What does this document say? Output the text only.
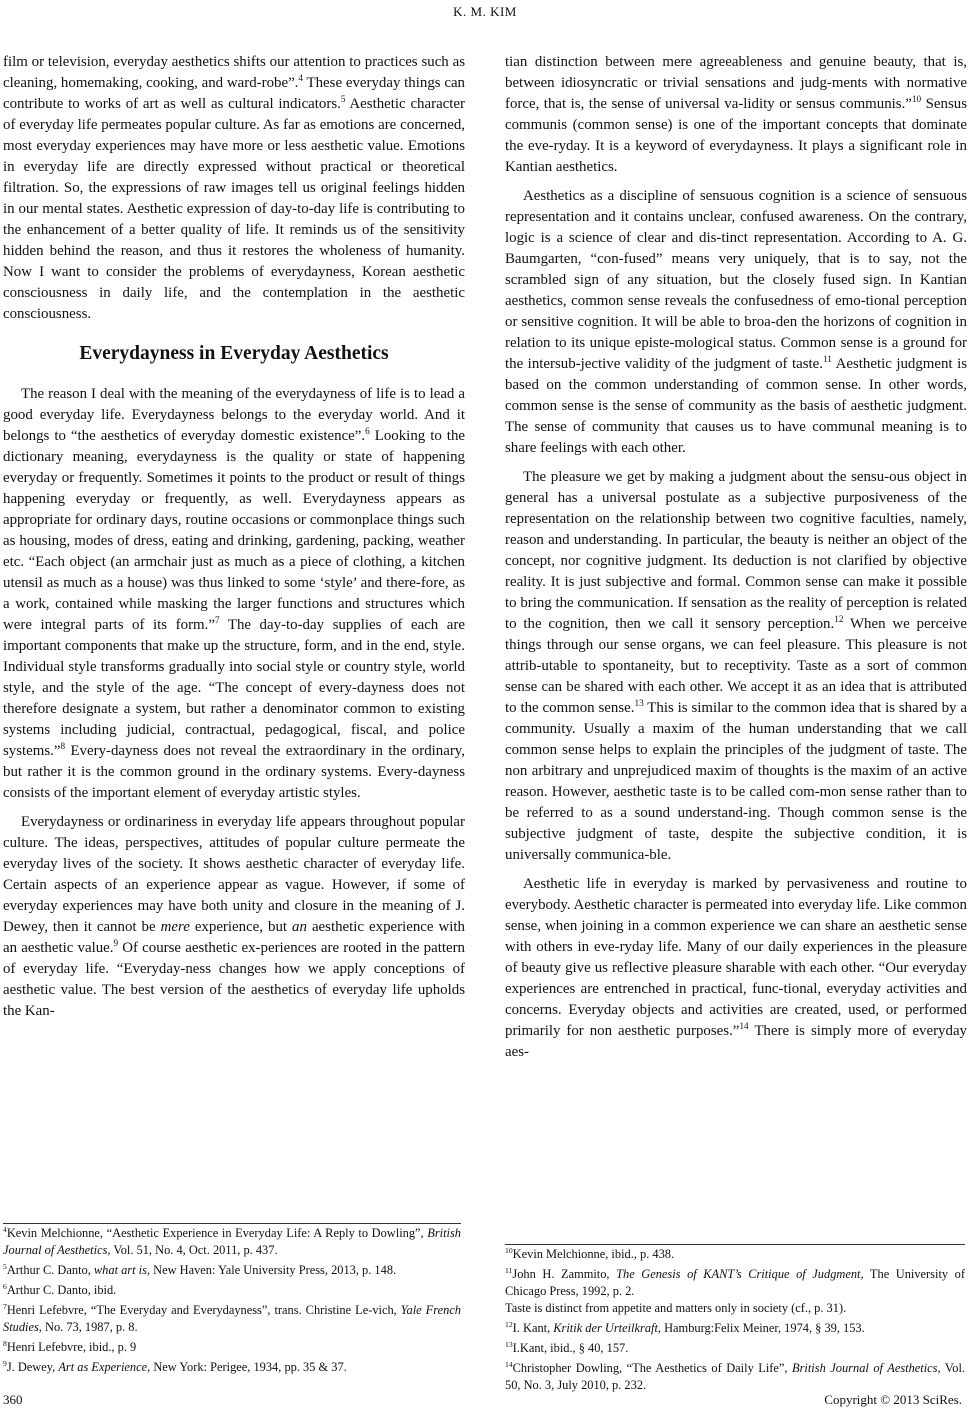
K. M. KIM

film or television, everyday aesthetics shifts our attention to practices such as cleaning, homemaking, cooking, and ward-robe”.$^4$ These everyday things can contribute to works of art as well as cultural indicators.$^5$ Aesthetic character of everyday life permeates popular culture. As far as emotions are concerned, most everyday experiences may have more or less aesthetic value. Emotions in everyday life are directly expressed without practical or theoretical filtration. So, the expressions of raw images tell us original feelings hidden in our mental states. Aesthetic expression of day-to-day life is contributing to the enhancement of a better quality of life. It reminds us of the sensitivity hidden behind the reason, and thus it restores the wholeness of humanity. Now I want to consider the problems of everydayness, Korean aesthetic consciousness in daily life, and the contemplation in the aesthetic consciousness.

Everydayness in Everyday Aesthetics

The reason I deal with the meaning of the everydayness of life is to lead a good everyday life. Everydayness belongs to the everyday world. And it belongs to “the aesthetics of everyday domestic existence”.$^6$ Looking to the dictionary meaning, everydayness is the quality or state of happening everyday or frequently. Sometimes it points to the product or result of things happening everyday or frequently, as well. Everydayness appears as appropriate for ordinary days, routine occasions or commonplace things such as housing, modes of dress, eating and drinking, gardening, packing, weather etc. “Each object (an armchair just as much as a piece of clothing, a kitchen utensil as much as a house) was thus linked to some ‘style’ and there-fore, as a work, contained while masking the larger functions and structures which were integral parts of its form.”$^7$ The day-to-day supplies of each are important components that make up the structure, form, and in the end, style. Individual style transforms gradually into social style or country style, world style, and the style of the age. “The concept of every-dayness does not therefore designate a system, but rather a denominator common to existing systems including judicial, contractual, pedagogical, fiscal, and police systems.”$^8$ Every-dayness does not reveal the extraordinary in the ordinary, but rather it is the common ground in the ordinary systems. Every-dayness consists of the important element of everyday artistic styles.

Everydayness or ordinariness in everyday life appears throughout popular culture. The ideas, perspectives, attitudes of popular culture permeate the everyday lives of the society. It shows aesthetic character of everyday life. Certain aspects of an experience appear as vague. However, if some of everyday experiences may have both unity and closure in the meaning of J. Dewey, then it cannot be mere experience, but an aesthetic experience with an aesthetic value.$^9$ Of course aesthetic ex-periences are rooted in the pattern of everyday life. “Everyday-ness changes how we apply conceptions of aesthetic value. The best version of the aesthetics of everyday life upholds the Kan-

tian distinction between mere agreeableness and genuine beauty, that is, between idiosyncratic or trivial sensations and judg-ments with normative force, that is, the sense of universal va-lidity or sensus communis.”$^{10}$ Sensus communis (common sense) is one of the important concepts that dominate the eve-ryday. It is a keyword of everydayness. It plays a significant role in Kantian aesthetics.

Aesthetics as a discipline of sensuous cognition is a science of sensuous representation and it contains unclear, confused awareness. On the contrary, logic is a science of clear and dis-tinct representation. According to A. G. Baumgarten, “con-fused” means very uniquely, that is to say, not the scrambled sign of any situation, but the closely fused sign. In Kantian aesthetics, common sense reveals the confusedness of emo-tional perception or sensitive cognition. It will be able to broa-den the horizons of cognition in relation to its unique episte-mological status. Common sense is a ground for the intersub-jective validity of the judgment of taste.$^{11}$ Aesthetic judgment is based on the common understanding of common sense. In other words, common sense is the sense of community as the basis of aesthetic judgment. The sense of community that causes us to have communal meaning is to share feelings with each other.

The pleasure we get by making a judgment about the sensu-ous object in general has a universal postulate as a subjective purposiveness of the representation on the relationship between two cognitive faculties, namely, reason and understanding. In particular, the beauty is neither an object of the concept, nor cognitive judgment. Its deduction is not clarified by objective reality. It is just subjective and formal. Common sense can make it possible to bring the communication. If sensation as the reality of perception is related to the cognition, then we call it sensory perception.$^{12}$ When we perceive things through our sense organs, we can feel pleasure. This pleasure is not attrib-utable to spontaneity, but to receptivity. Taste as a sort of common sense can be shared with each other. We accept it as an idea that is attributed to the common sense.$^{13}$ This is similar to the common idea that is shared by a community. Usually a maxim of the human understanding that we call common sense helps to explain the principles of the judgment of taste. The non arbitrary and unprejudiced maxim of thoughts is the maxim of an active reason. However, aesthetic taste is to be called com-mon sense rather than to be referred to as a sound understand-ing. Though common sense is the subjective judgment of taste, despite the subjective condition, it is universally communica-ble.

Aesthetic life in everyday is marked by pervasiveness and routine to everybody. Aesthetic character is permeated into everyday life. Like common sense, when joining in a common experience we can share an aesthetic sense with others in eve-ryday life. Many of our daily experiences in the pleasure of beauty give us reflective pleasure sharable with each other. “Our everyday experiences are entrenched in practical, func-tional, everyday activities and concerns. Everyday objects and activities are created, used, or performed primarily for non aesthetic purposes.”$^{14}$ There is simply more of everyday aes-

$^4$Kevin Melchionne, “Aesthetic Experience in Everyday Life: A Reply to Dowling”, British Journal of Aesthetics, Vol. 51, No. 4, Oct. 2011, p. 437.
$^5$Arthur C. Danto, what art is, New Haven: Yale University Press, 2013, p. 148.
$^6$Arthur C. Danto, ibid.
$^7$Henri Lefebvre, “The Everyday and Everydayness”, trans. Christine Le-vich, Yale French Studies, No. 73, 1987, p. 8.
$^8$Henri Lefebvre, ibid., p. 9
$^9$J. Dewey, Art as Experience, New York: Perigee, 1934, pp. 35 & 37.
$^{10}$Kevin Melchionne, ibid., p. 438.
$^{11}$John H. Zammito, The Genesis of KANT’s Critique of Judgment, The University of Chicago Press, 1992, p. 2.
Taste is distinct from appetite and matters only in society (cf., p. 31).
$^{12}$I. Kant, Kritik der Urteilkraft, Hamburg:Felix Meiner, 1974, § 39, 153.
$^{13}$I.Kant, ibid., § 40, 157.
$^{14}$Christopher Dowling, “The Aesthetics of Daily Life”, British Journal of Aesthetics, Vol. 50, No. 3, July 2010, p. 232.
360	Copyright © 2013 SciRes.
